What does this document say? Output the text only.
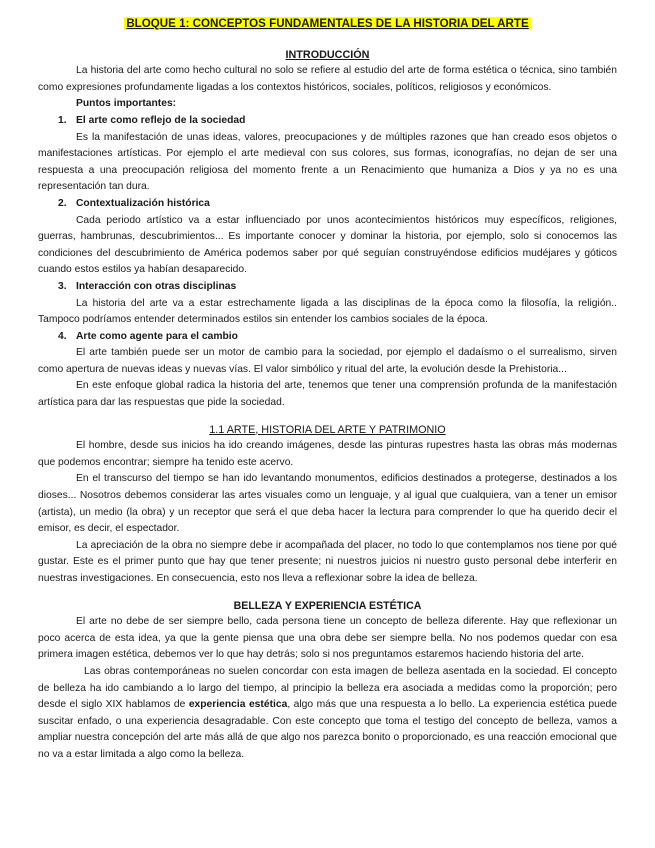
BLOQUE 1: CONCEPTOS FUNDAMENTALES DE LA HISTORIA DEL ARTE
INTRODUCCIÓN

La historia del arte como hecho cultural no solo se refiere al estudio del arte de forma estética o técnica, sino también como expresiones profundamente ligadas a los contextos históricos, sociales, políticos, religiosos y económicos.

Puntos importantes:
1. El arte como reflejo de la sociedad

Es la manifestación de unas ideas, valores, preocupaciones y de múltiples razones que han creado esos objetos o manifestaciones artísticas. Por ejemplo el arte medieval con sus colores, sus formas, iconografías, no dejan de ser una respuesta a una preocupación religiosa del momento frente a un Renacimiento que humaniza a Dios y ya no es una representación tan dura.

2. Contextualización histórica

Cada periodo artístico va a estar influenciado por unos acontecimientos históricos muy específicos, religiones, guerras, hambrunas, descubrimientos... Es importante conocer y dominar la historia, por ejemplo, solo si conocemos las condiciones del descubrimiento de América podemos saber por qué seguían construyéndose edificios mudéjares y góticos cuando estos estilos ya habían desaparecido.

3. Interacción con otras disciplinas

La historia del arte va a estar estrechamente ligada a las disciplinas de la época como la filosofía, la religión.. Tampoco podríamos entender determinados estilos sin entender los cambios sociales de la época.

4. Arte como agente para el cambio

El arte también puede ser un motor de cambio para la sociedad, por ejemplo el dadaísmo o el surrealismo, sirven como apertura de nuevas ideas y nuevas vías. El valor simbólico y ritual del arte, la evolución desde la Prehistoria...

En este enfoque global radica la historia del arte, tenemos que tener una comprensión profunda de la manifestación artística para dar las respuestas que pide la sociedad.

1.1 ARTE, HISTORIA DEL ARTE Y PATRIMONIO

El hombre, desde sus inicios ha ido creando imágenes, desde las pinturas rupestres hasta las obras más modernas que podemos encontrar; siempre ha tenido este acervo.

En el transcurso del tiempo se han ido levantando monumentos, edificios destinados a protegerse, destinados a los dioses... Nosotros debemos considerar las artes visuales como un lenguaje, y al igual que cualquiera, van a tener un emisor (artista), un medio (la obra) y un receptor que será el que deba hacer la lectura para comprender lo que ha querido decir el emisor, es decir, el espectador.

La apreciación de la obra no siempre debe ir acompañada del placer, no todo lo que contemplamos nos tiene por qué gustar. Este es el primer punto que hay que tener presente; ni nuestros juicios ni nuestro gusto personal debe interferir en nuestras investigaciones. En consecuencia, esto nos lleva a reflexionar sobre la idea de belleza.

BELLEZA Y EXPERIENCIA ESTÉTICA

El arte no debe de ser siempre bello, cada persona tiene un concepto de belleza diferente. Hay que reflexionar un poco acerca de esta idea, ya que la gente piensa que una obra debe ser siempre bella. No nos podemos quedar con esa primera imagen estética, debemos ver lo que hay detrás; solo si nos preguntamos estaremos haciendo historia del arte.

Las obras contemporáneas no suelen concordar con esta imagen de belleza asentada en la sociedad. El concepto de belleza ha ido cambiando a lo largo del tiempo, al principio la belleza era asociada a medidas como la proporción; pero desde el siglo XIX hablamos de experiencia estética, algo más que una respuesta a lo bello. La experiencia estética puede suscitar enfado, o una experiencia desagradable. Con este concepto que toma el testigo del concepto de belleza, vamos a ampliar nuestra concepción del arte más allá de que algo nos parezca bonito o proporcionado, es una reacción emocional que no va a estar limitada a algo como la belleza.
